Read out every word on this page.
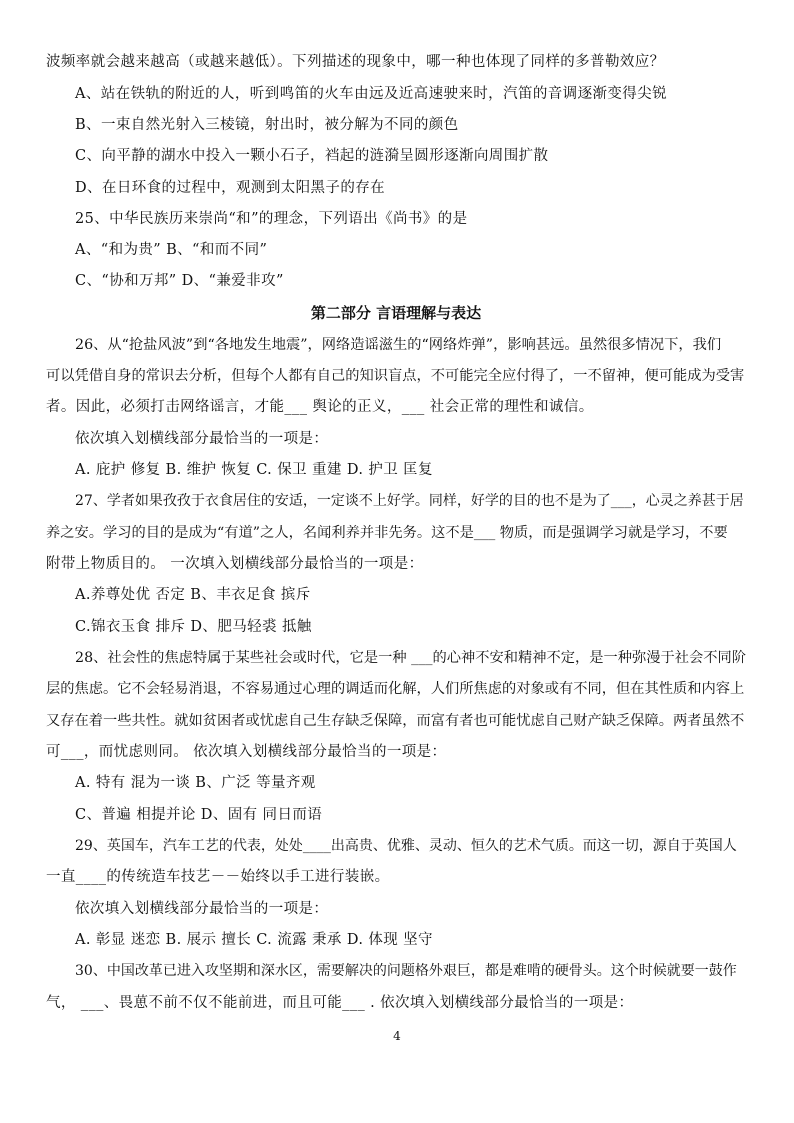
波频率就会越来越高（或越来越低）。下列描述的现象中，哪一种也体现了同样的多普勒效应？
A、站在铁轨的附近的人，听到鸣笛的火车由远及近高速驶来时，汽笛的音调逐渐变得尖锐
B、一束自然光射入三棱镜，射出时，被分解为不同的颜色
C、向平静的湖水中投入一颗小石子，裆起的涟漪呈圆形逐渐向周围扩散
D、在日环食的过程中，观测到太阳黑子的存在
25、中华民族历来崇尚“和”的理念，下列语出《尚书》的是
A、“和为贵” B、“和而不同”
C、“协和万邦” D、“兼爱非攻”
第二部分 言语理解与表达
26、从“抢盐风波”到“各地发生地震”，网络造谣滋生的“网络炸弹”，影响甚远。虽然很多情况下，我们
可以凭借自身的常识去分析，但每个人都有自己的知识盲点，不可能完全应付得了，一不留神，便可能成为受害
者。因此，必须打击网络谣言，才能___ 舆论的正义，___ 社会正常的理性和诚信。
依次填入划横线部分最恰当的一项是：
A. 庇护 修复 B. 维护 恢复 C. 保卫 重建 D. 护卫 匡复
27、学者如果孜孜于衣食居住的安适，一定谈不上好学。同样，好学的目的也不是为了___，心灵之养甚于居
养之安。学习的目的是成为“有道”之人，名闻利养并非先务。这不是___ 物质，而是强调学习就是学习，不要
附带上物质目的。 一次填入划横线部分最恰当的一项是：
A.养尊处优 否定 B、丰衣足食 摈斥
C.锦衣玉食 排斥 D、肥马轻裘 抵触
28、社会性的焦虑特属于某些社会或时代，它是一种 ___的心神不安和精神不定，是一种弥漫于社会不同阶
层的焦虑。它不会轻易消退，不容易通过心理的调适而化解，人们所焦虑的对象或有不同，但在其性质和内容上
又存在着一些共性。就如贫困者或忧虑自己生存缺乏保障，而富有者也可能忧虑自己财产缺乏保障。两者虽然不
可___，而忧虑则同。 依次填入划横线部分最恰当的一项是：
A. 特有 混为一谈 B、广泛 等量齐观
C、普遍 相提并论 D、固有 同日而语
29、英国车，汽车工艺的代表，处处____出高贵、优雅、灵动、恒久的艺术气质。而这一切，源自于英国人
一直____的传统造车技艺－－始终以手工进行装嵌。
依次填入划横线部分最恰当的一项是：
A. 彰显 迷恋 B. 展示 擅长 C. 流露 秉承 D. 体现 坚守
30、中国改革已进入攻坚期和深水区，需要解决的问题格外艰巨，都是难啃的硬骨头。这个时候就要一鼓作
气， ___、畏葸不前不仅不能前进，而且可能___ . 依次填入划横线部分最恰当的一项是：
4
